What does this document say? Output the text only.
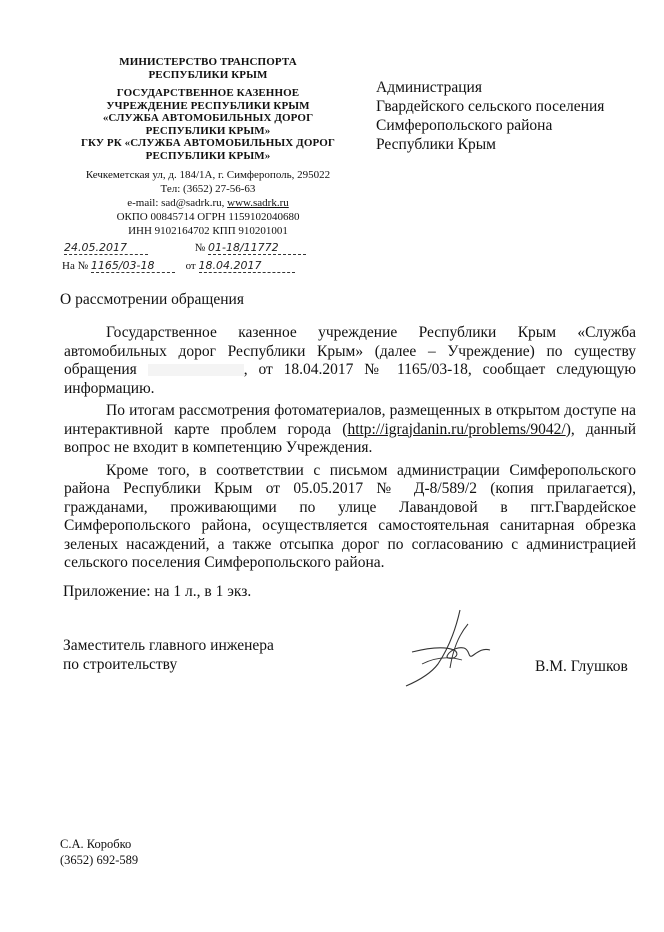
МИНИСТЕРСТВО ТРАНСПОРТА
РЕСПУБЛИКИ КРЫМ
ГОСУДАРСТВЕННОЕ КАЗЕННОЕ
УЧРЕЖДЕНИЕ РЕСПУБЛИКИ КРЫМ
«СЛУЖБА АВТОМОБИЛЬНЫХ ДОРОГ
РЕСПУБЛИКИ КРЫМ»
ГКУ РК «СЛУЖБА АВТОМОБИЛЬНЫХ ДОРОГ
РЕСПУБЛИКИ КРЫМ»
Кечкеметская ул, д. 184/1А, г. Симферополь, 295022
Тел: (3652) 27-56-63
e-mail: sad@sadrk.ru, www.sadrk.ru
ОКПО 00845714 ОГРН 1159102040680
ИНН 9102164702 КПП 910201001
24.05.2017	№ 01-18/11772
На № 1165/03-18	от 18.04.2017
Администрация
Гвардейского сельского поселения
Симферопольского района
Республики Крым
О рассмотрении обращения

Государственное казенное учреждение Республики Крым «Служба автомобильных дорог Республики Крым» (далее – Учреждение) по существу обращения	, от 18.04.2017 № 1165/03-18, сообщает следующую информацию.

По итогам рассмотрения фотоматериалов, размещенных в открытом доступе на интерактивной карте проблем города (http://igrajdanin.ru/problems/9042/), данный вопрос не входит в компетенцию Учреждения.

Кроме того, в соответствии с письмом администрации Симферопольского района Республики Крым от 05.05.2017 № Д-8/589/2 (копия прилагается), гражданами, проживающими по улице Лавандовой в пгт.Гвардейское Симферопольского района, осуществляется самостоятельная санитарная обрезка зеленых насаждений, а также отсыпка дорог по согласованию с администрацией сельского поселения Симферопольского района.

Приложение: на 1 л., в 1 экз.
Заместитель главного инженера
по строительству	В.М. Глушков
С.А. Коробко
(3652) 692-589
